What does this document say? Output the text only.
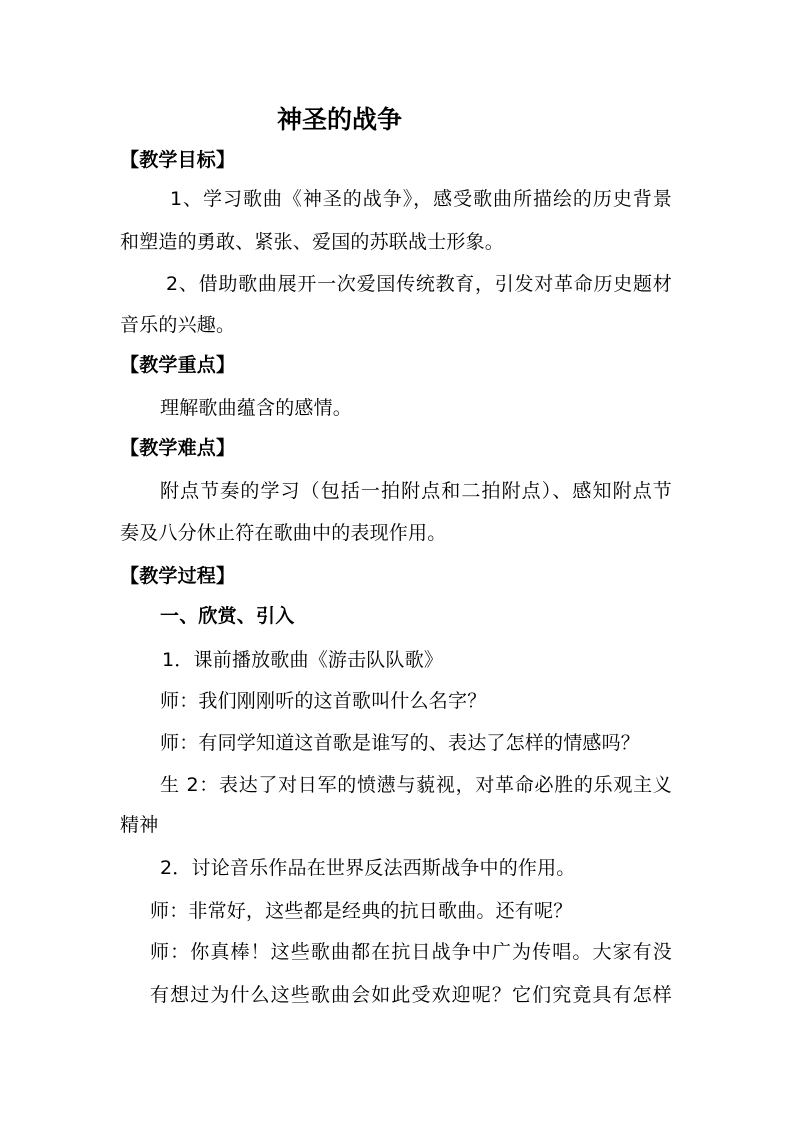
神圣的战争
【教学目标】
1、学习歌曲《神圣的战争》，感受歌曲所描绘的历史背景
和塑造的勇敢、紧张、爱国的苏联战士形象。
2、借助歌曲展开一次爱国传统教育，引发对革命历史题材
音乐的兴趣。
【教学重点】
理解歌曲蕴含的感情。
【教学难点】
附点节奏的学习（包括一拍附点和二拍附点）、感知附点节
奏及八分休止符在歌曲中的表现作用。
【教学过程】
一、欣赏、引入
1．课前播放歌曲《游击队队歌》
师：我们刚刚听的这首歌叫什么名字？
师：有同学知道这首歌是谁写的、表达了怎样的情感吗？
生 2：表达了对日军的愤懑与藐视，对革命必胜的乐观主义
精神
2．讨论音乐作品在世界反法西斯战争中的作用。
师：非常好，这些都是经典的抗日歌曲。还有呢？
师：你真棒！这些歌曲都在抗日战争中广为传唱。大家有没
有想过为什么这些歌曲会如此受欢迎呢？它们究竟具有怎样
